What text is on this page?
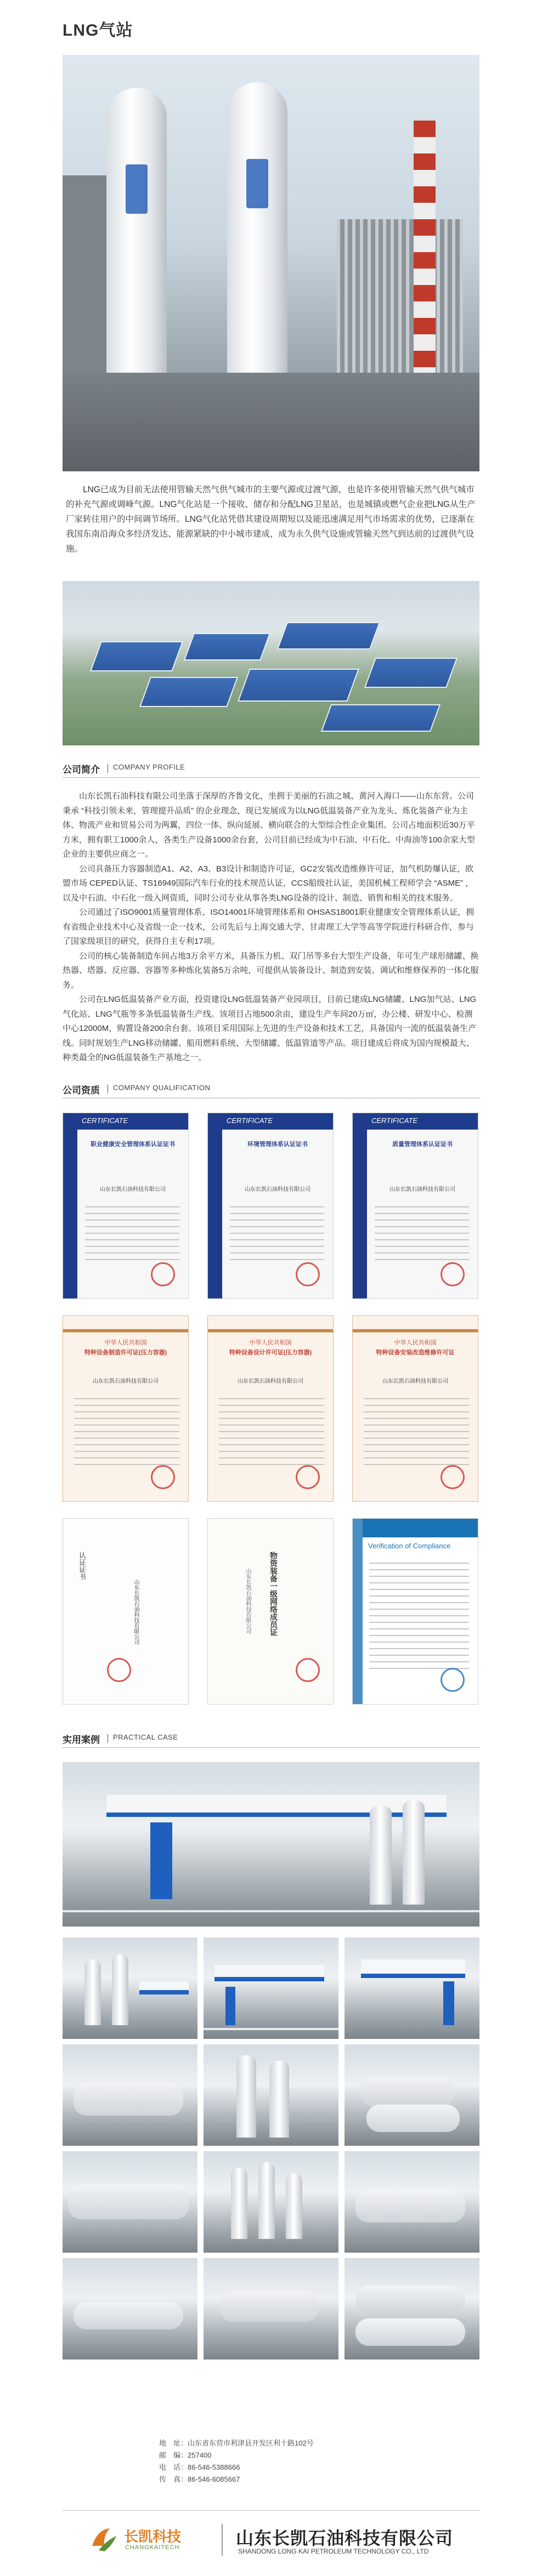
LNG气站

LNG已成为目前无法使用管输天然气供气城市的主要气源或过渡气源，也是许多使用管输天然气供气城市的补充气源或调峰气源。LNG气化站是一个接收、储存和分配LNG卫星站，也是城镇或燃气企业把LNG从生产厂家转往用户的中间调节场所。LNG气化站凭借其建设周期短以及能迅速满足用气市场需求的优势，已逐渐在我国东南沿海众多经济发达、能源紧缺的中小城市建成，成为永久供气设施或管输天然气到达前的过渡供气设施。

公司简介 COMPANY PROFILE

山东长凯石油科技有限公司坐落于深厚的齐鲁文化，坐拥于美丽的石油之城、黄河入海口——山东东营。公司秉承 “科技引领未来，管理提升品质” 的企业理念，现已发展成为以LNG低温装备产业为龙头、炼化装备产业为主体、物流产业和贸易公司为两翼，四位一体、纵向延展、横向联合的大型综合性企业集团。公司占地面积近30万平方米，拥有职工1000余人，各类生产设备1000余台套，公司目前已经成为中石油、中石化、中海油等100余家大型企业的主要供应商之一。

公司具备压力容器制造A1、A2、A3、B3设计和制造许可证，GC2安装改造维修许可证，加气机防爆认证，欧盟市场 CEPED认证、TS16949国际汽车行业的技术规范认证，CCS船级社认证，美国机械工程师学会 “ASME” ，以及中石油、中石化一级入网资质，同时公司专业从事各类LNG设备的设计、制造、销售和相关的技术服务。

公司通过了ISO9001质量管理体系、ISO14001环境管理体系和 OHSAS18001职业健康安全管理体系认证，拥有省级企业技术中心及省级一企一技术，公司先后与上海交通大学、甘肃理工大学等高等学院进行科研合作，参与了国家级项目的研究，获得自主专利17项。

公司的核心装备制造车间占地3万余平方米，具备压力机、双门吊等多台大型生产设备，年可生产球形储罐、换热器、塔器、反应器、容器等多种炼化装备5万余吨，可提供从装备设计、制造到安装、调试和维修保养的一体化服务。

公司在LNG低温装备产业方面，投资建设LNG低温装备产业园项目，目前已建成LNG储罐、LNG加气站、LNG气化站、LNG气瓶等多条低温装备生产线。该项目占地500余亩，建设生产车间20万㎡，办公楼、研发中心、检测中心12000M，购置设备200余台套。该项目采用国际上先进的生产设备和技术工艺，具备国内一流的低温装备生产线。同时规划生产LNG移动储罐、船用燃料系统、大型储罐、低温管道等产品。项目建成后将成为国内规模最大、种类最全的NG低温装备生产基地之一。

公司资质 COMPANY QUALIFICATION
CERTIFICATE
职业健康安全管理体系认证证书
山东长凯石油科技有限公司
CERTIFICATE
环境管理体系认证证书
山东长凯石油科技有限公司
CERTIFICATE
质量管理体系认证证书
山东长凯石油科技有限公司
中华人民共和国
特种设备制造许可证(压力容器)
山东长凯石油科技有限公司
中华人民共和国
特种设备设计许可证(压力容器)
山东长凯石油科技有限公司
中华人民共和国
特种设备安装改造维修许可证
山东长凯石油科技有限公司
认证证书
山东长凯石油科技有限公司	物资装备一级网络成员证
山东长凯石油科技有限公司
Verification of Compliance
实用案例 PRACTICAL CASE
地　址：山东省东营市利津县开发区利十路102号
邮　编：257400
电　话：86-546-5388666
传　真：86-546-6085667
长凯科技
CHANGKAITECH	山东长凯石油科技有限公司
SHANDONG LONG KAI PETROLEUM TECHNOLOGY CO., LTD
